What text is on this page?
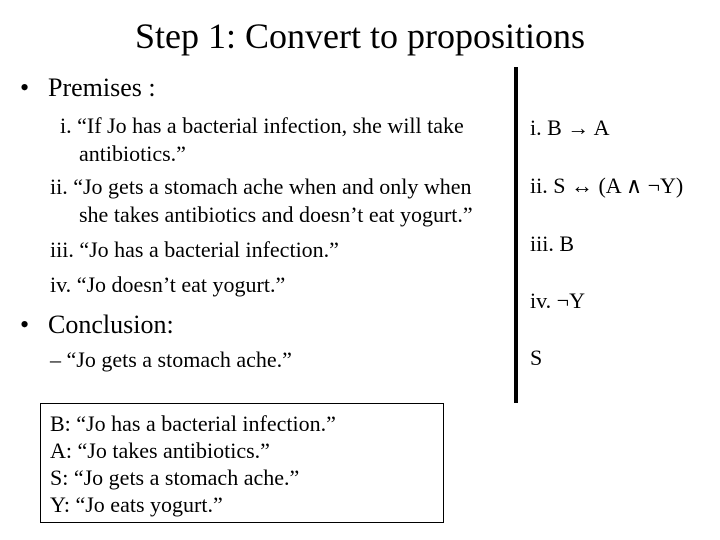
Step 1: Convert to propositions
• Premises :
i. “If Jo has a bacterial infection, she will take
antibiotics.”
ii. “Jo gets a stomach ache when and only when
she takes antibiotics and doesn’t eat yogurt.”
iii. “Jo has a bacterial infection.”
iv. “Jo doesn’t eat yogurt.”
• Conclusion:
– “Jo gets a stomach ache.”
i. B → A
ii. S ↔ (A ∧ ¬Y)
iii. B
iv. ¬Y
S
B: “Jo has a bacterial infection.”
A: “Jo takes antibiotics.”
S: “Jo gets a stomach ache.”
Y: “Jo eats yogurt.”
